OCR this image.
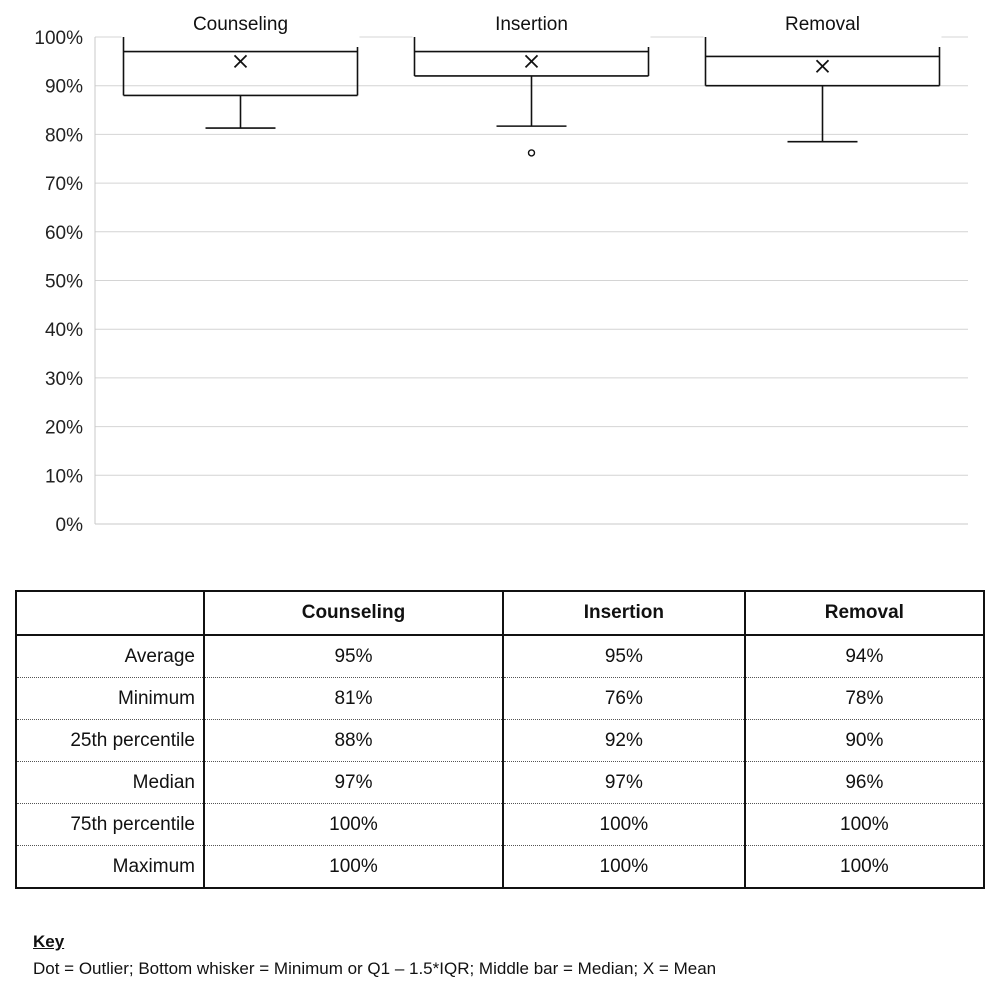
0%
10%
20%
30%
40%
50%
60%
70%
80%
90%
100%
Counseling	Insertion	Removal
	Counseling	Insertion	Removal
Average	95%	95%	94%
Minimum	81%	76%	78%
25th percentile	88%	92%	90%
Median	97%	97%	96%
75th percentile	100%	100%	100%
Maximum	100%	100%	100%
Key
Dot = Outlier; Bottom whisker = Minimum or Q1 – 1.5*IQR; Middle bar = Median; X = Mean
